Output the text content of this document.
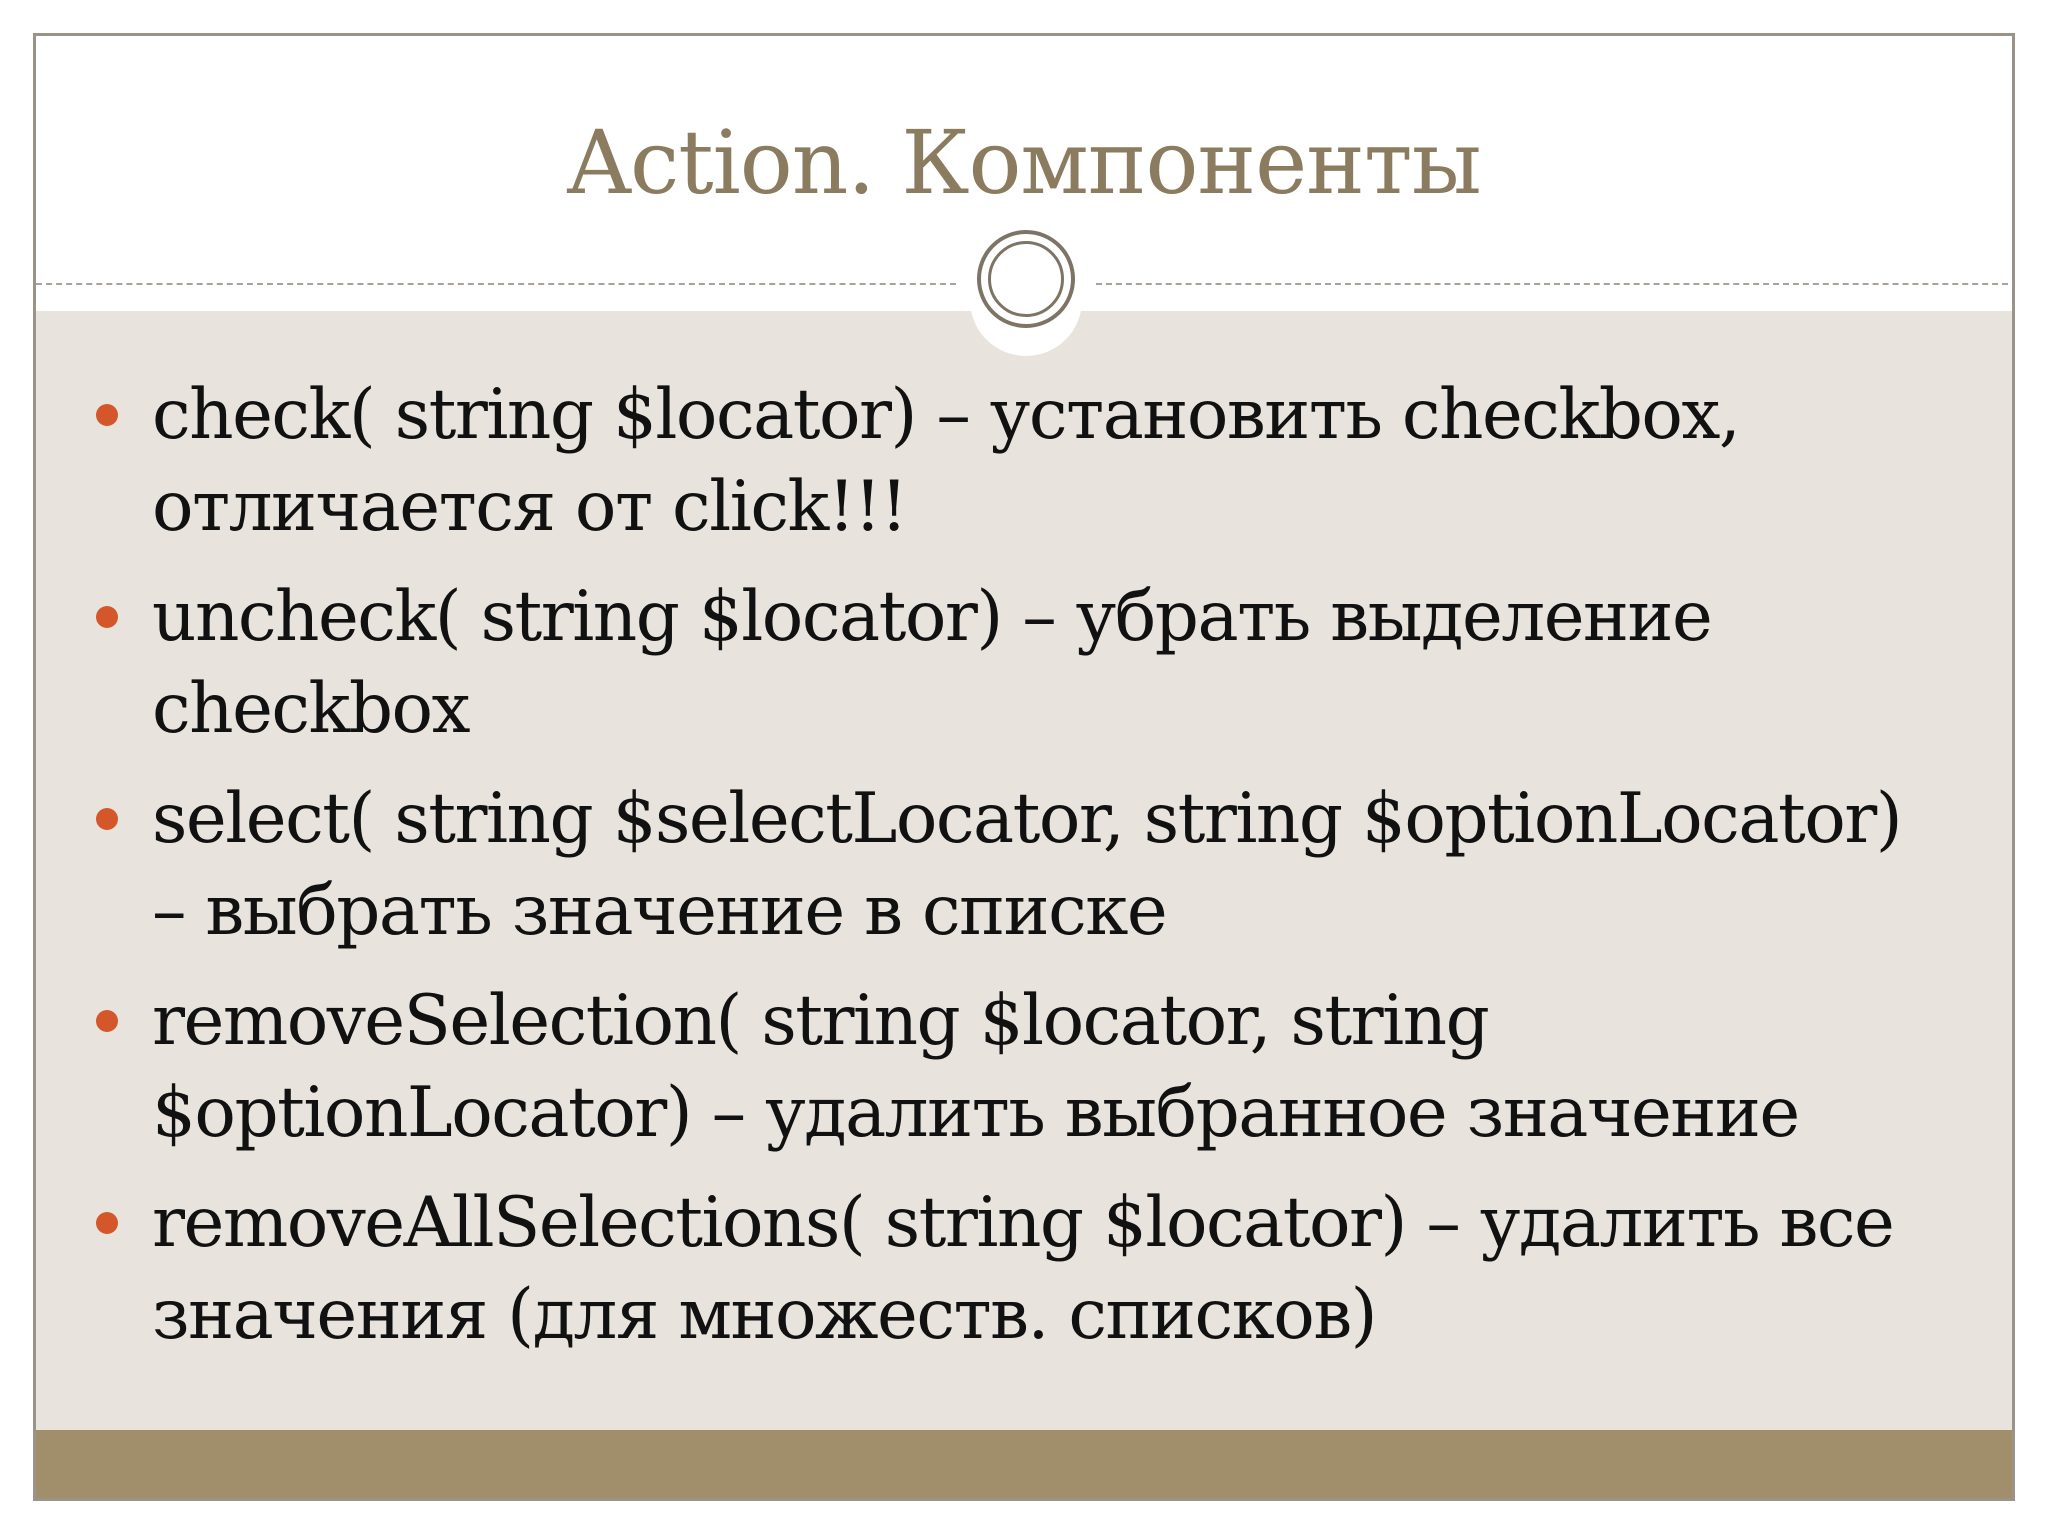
Action. Компоненты
check( string $locator) – установить checkbox, отличается от click!!!
uncheck( string $locator) – убрать выделение checkbox
select( string $selectLocator, string $optionLocator) – выбрать значение в списке
removeSelection( string $locator, string $optionLocator) – удалить выбранное значение
removeAllSelections( string $locator) – удалить все значения (для множеств. списков)
